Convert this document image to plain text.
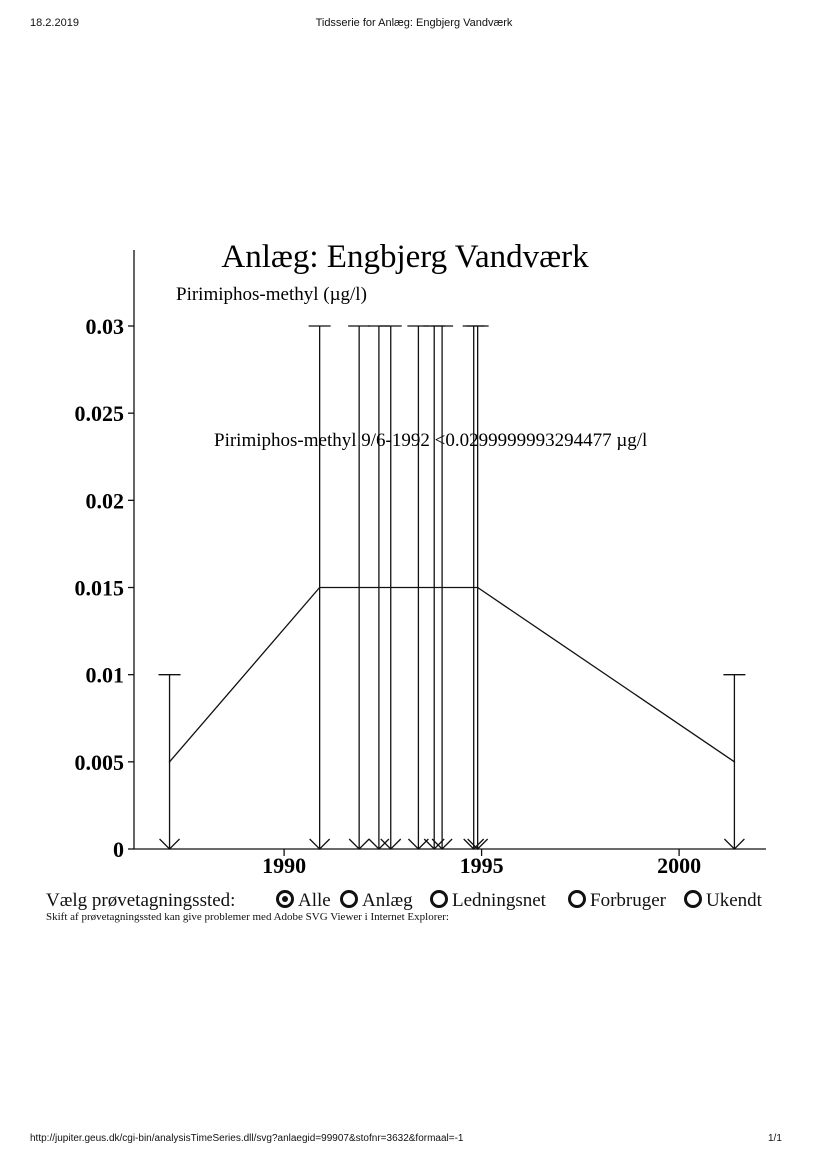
18.2.2019	Tidsserie for Anlæg: Engbjerg Vandværk
0
0.005
0.01
0.015
0.02
0.025
0.03
1990	1995	2000
Anlæg: Engbjerg Vandværk
Pirimiphos-methyl (µg/l)
Pirimiphos-methyl 9/6-1992 <0.0299999993294477 µg/l
Vælg prøvetagningssted:	Alle	Anlæg	Ledningsnet	Forbruger	Ukendt
Skift af prøvetagningssted kan give problemer med Adobe SVG Viewer i Internet Explorer:
http://jupiter.geus.dk/cgi-bin/analysisTimeSeries.dll/svg?anlaegid=99907&stofnr=3632&formaal=-1	1/1
